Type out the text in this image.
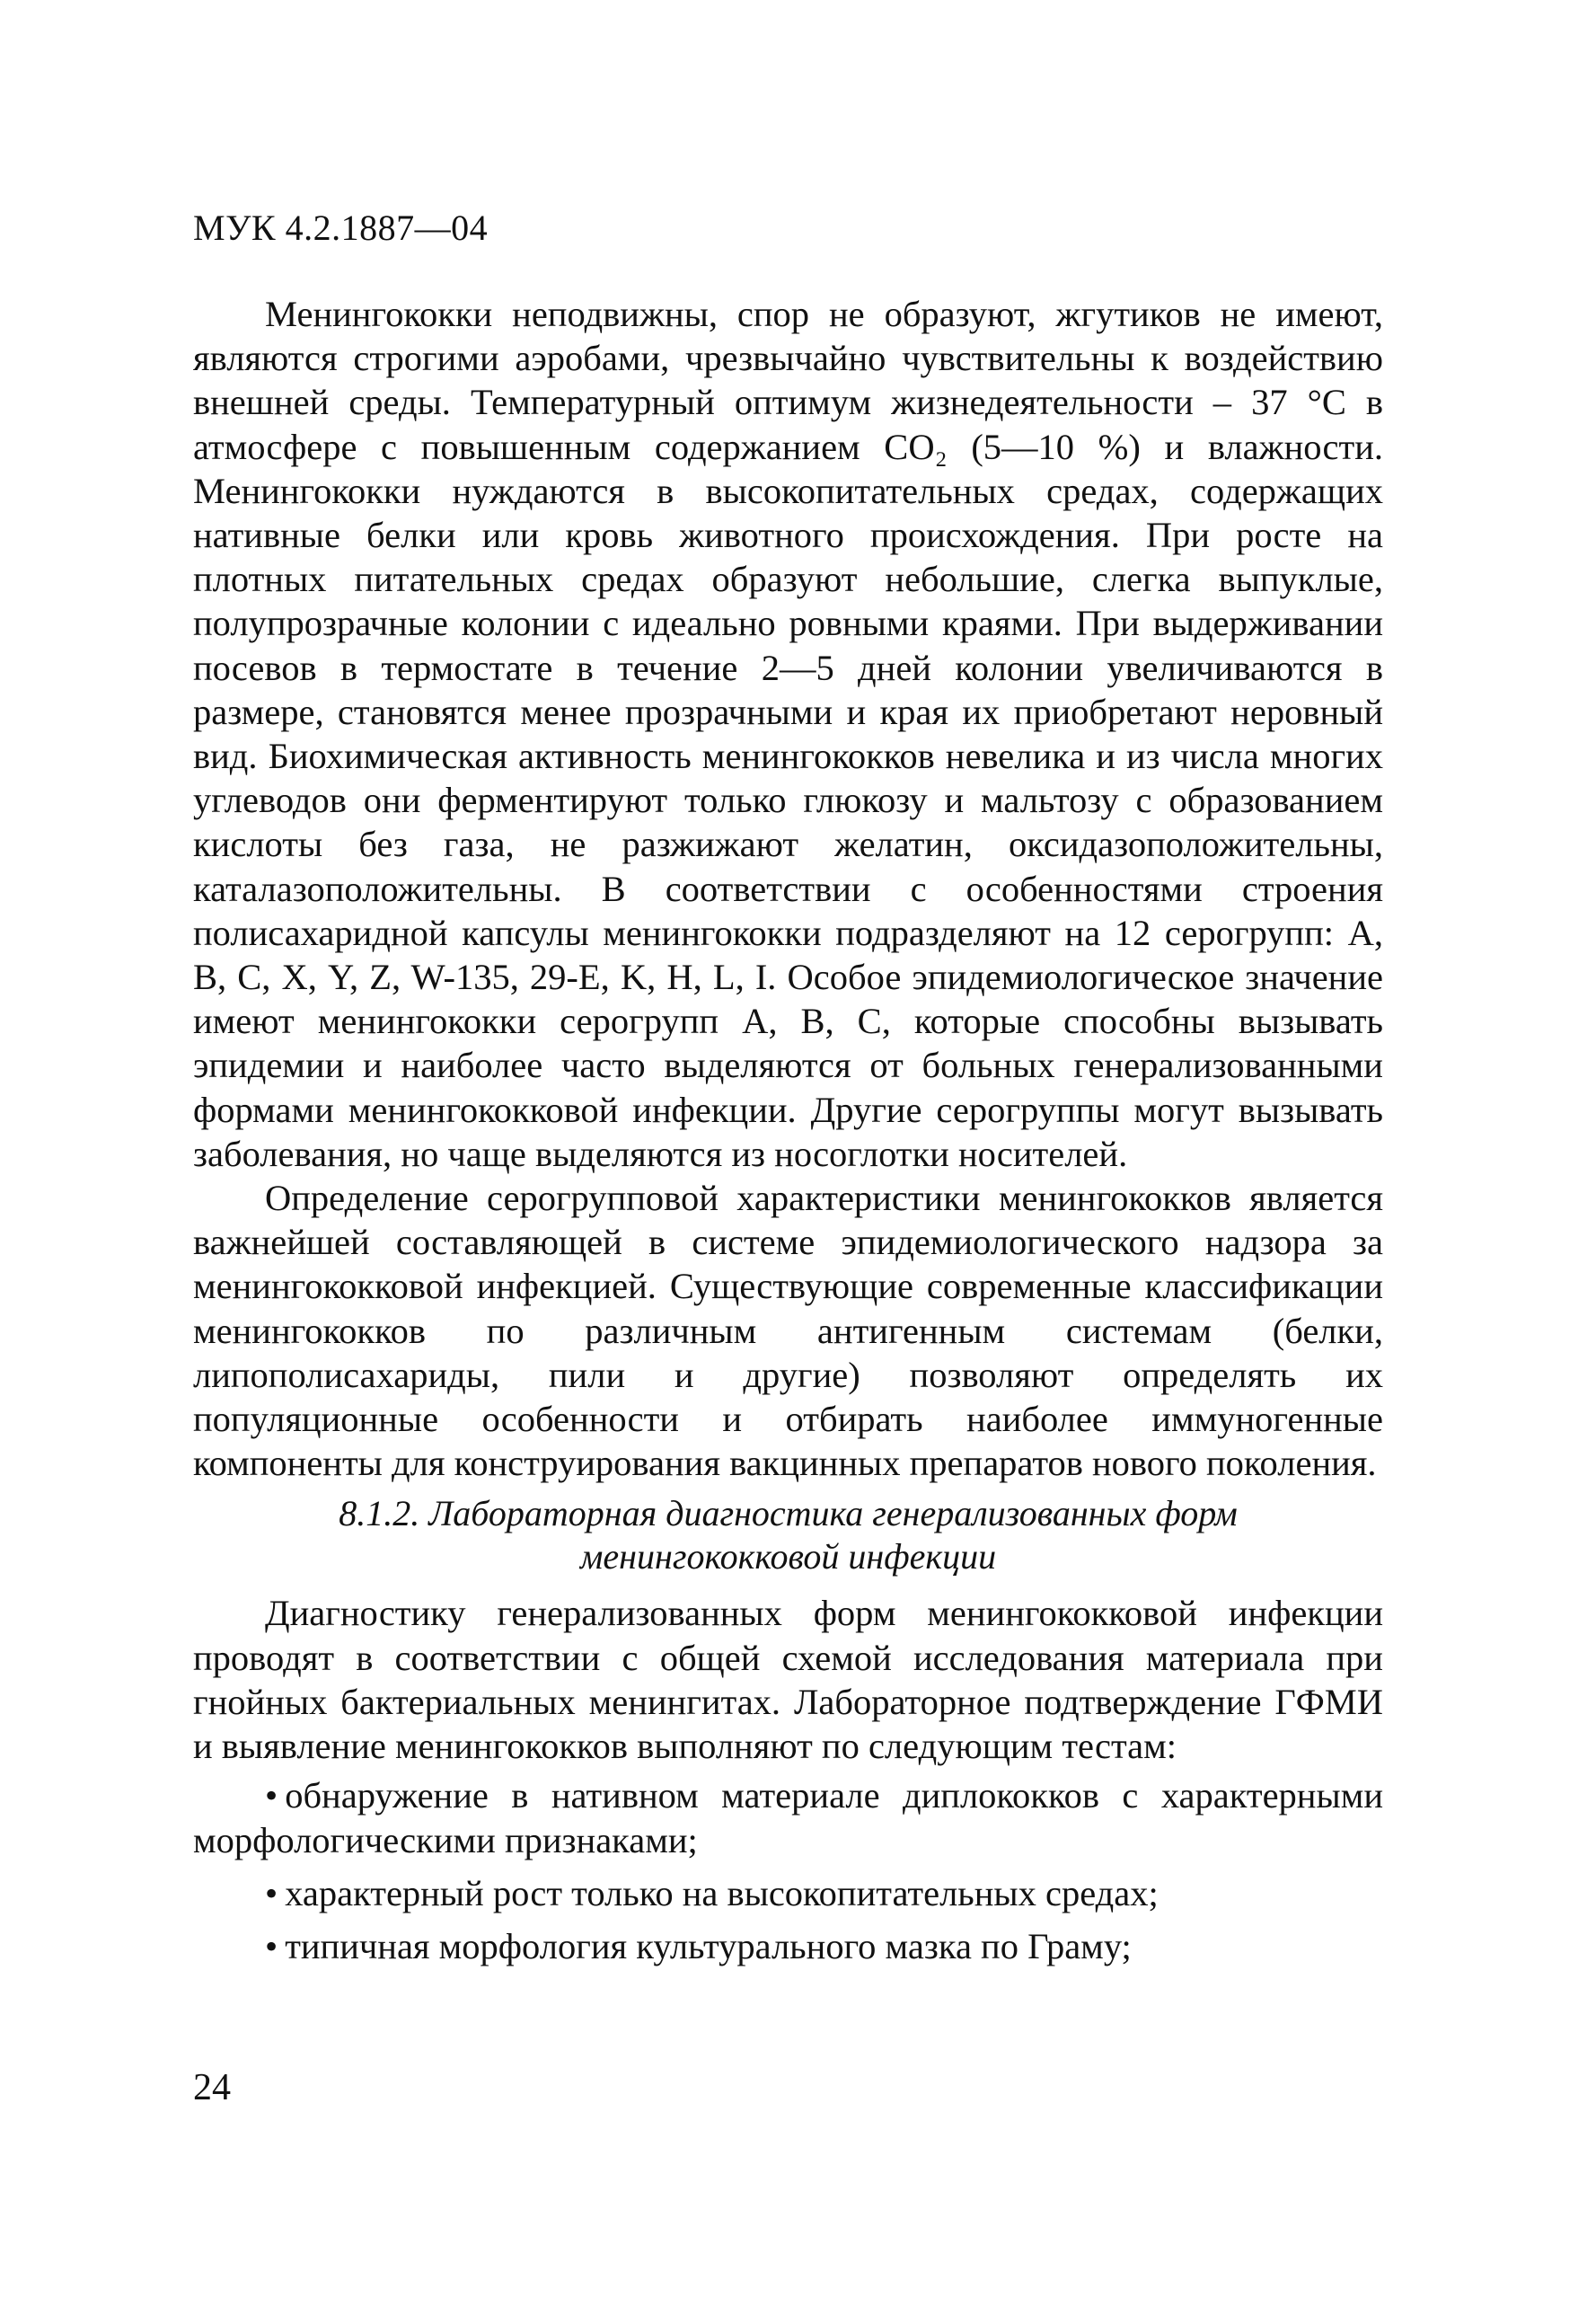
МУК 4.2.1887—04

Менингококки неподвижны, спор не образуют, жгутиков не имеют, являются строгими аэробами, чрезвычайно чувствительны к воздействию внешней среды. Температурный оптимум жизнедеятельности – 37 °С в атмосфере с повышенным содержанием СО₂ (5—10 %) и влажности. Менингококки нуждаются в высокопитательных средах, содержащих нативные белки или кровь животного происхождения. При росте на плотных питательных средах образуют небольшие, слегка выпуклые, полупрозрачные колонии с идеально ровными краями. При выдерживании посевов в термостате в течение 2—5 дней колонии увеличиваются в размере, становятся менее прозрачными и края их приобретают неровный вид. Биохимическая активность менингококков невелика и из числа многих углеводов они ферментируют только глюкозу и мальтозу с образованием кислоты без газа, не разжижают желатин, оксидазоположительны, каталазоположительны. В соответствии с особенностями строения полисахаридной капсулы менингококки подразделяют на 12 серогрупп: А, В, С, Х, Y, Z, W-135, 29-E, K, H, L, I. Особое эпидемиологическое значение имеют менингококки серогрупп А, В, С, которые способны вызывать эпидемии и наиболее часто выделяются от больных генерализованными формами менингококковой инфекции. Другие серогруппы могут вызывать заболевания, но чаще выделяются из носоглотки носителей.

Определение серогрупповой характеристики менингококков является важнейшей составляющей в системе эпидемиологического надзора за менингококковой инфекцией. Существующие современные классификации менингококков по различным антигенным системам (белки, липополисахариды, пили и другие) позволяют определять их популяционные особенности и отбирать наиболее иммуногенные компоненты для конструирования вакцинных препаратов нового поколения.

8.1.2. Лабораторная диагностика генерализованных форм
менингококковой инфекции

Диагностику генерализованных форм менингококковой инфекции проводят в соответствии с общей схемой исследования материала при гнойных бактериальных менингитах. Лабораторное подтверждение ГФМИ и выявление менингококков выполняют по следующим тестам:

• обнаружение в нативном материале диплококков с характерными морфологическими признаками;
• характерный рост только на высокопитательных средах;
• типичная морфология культурального мазка по Граму;
24
